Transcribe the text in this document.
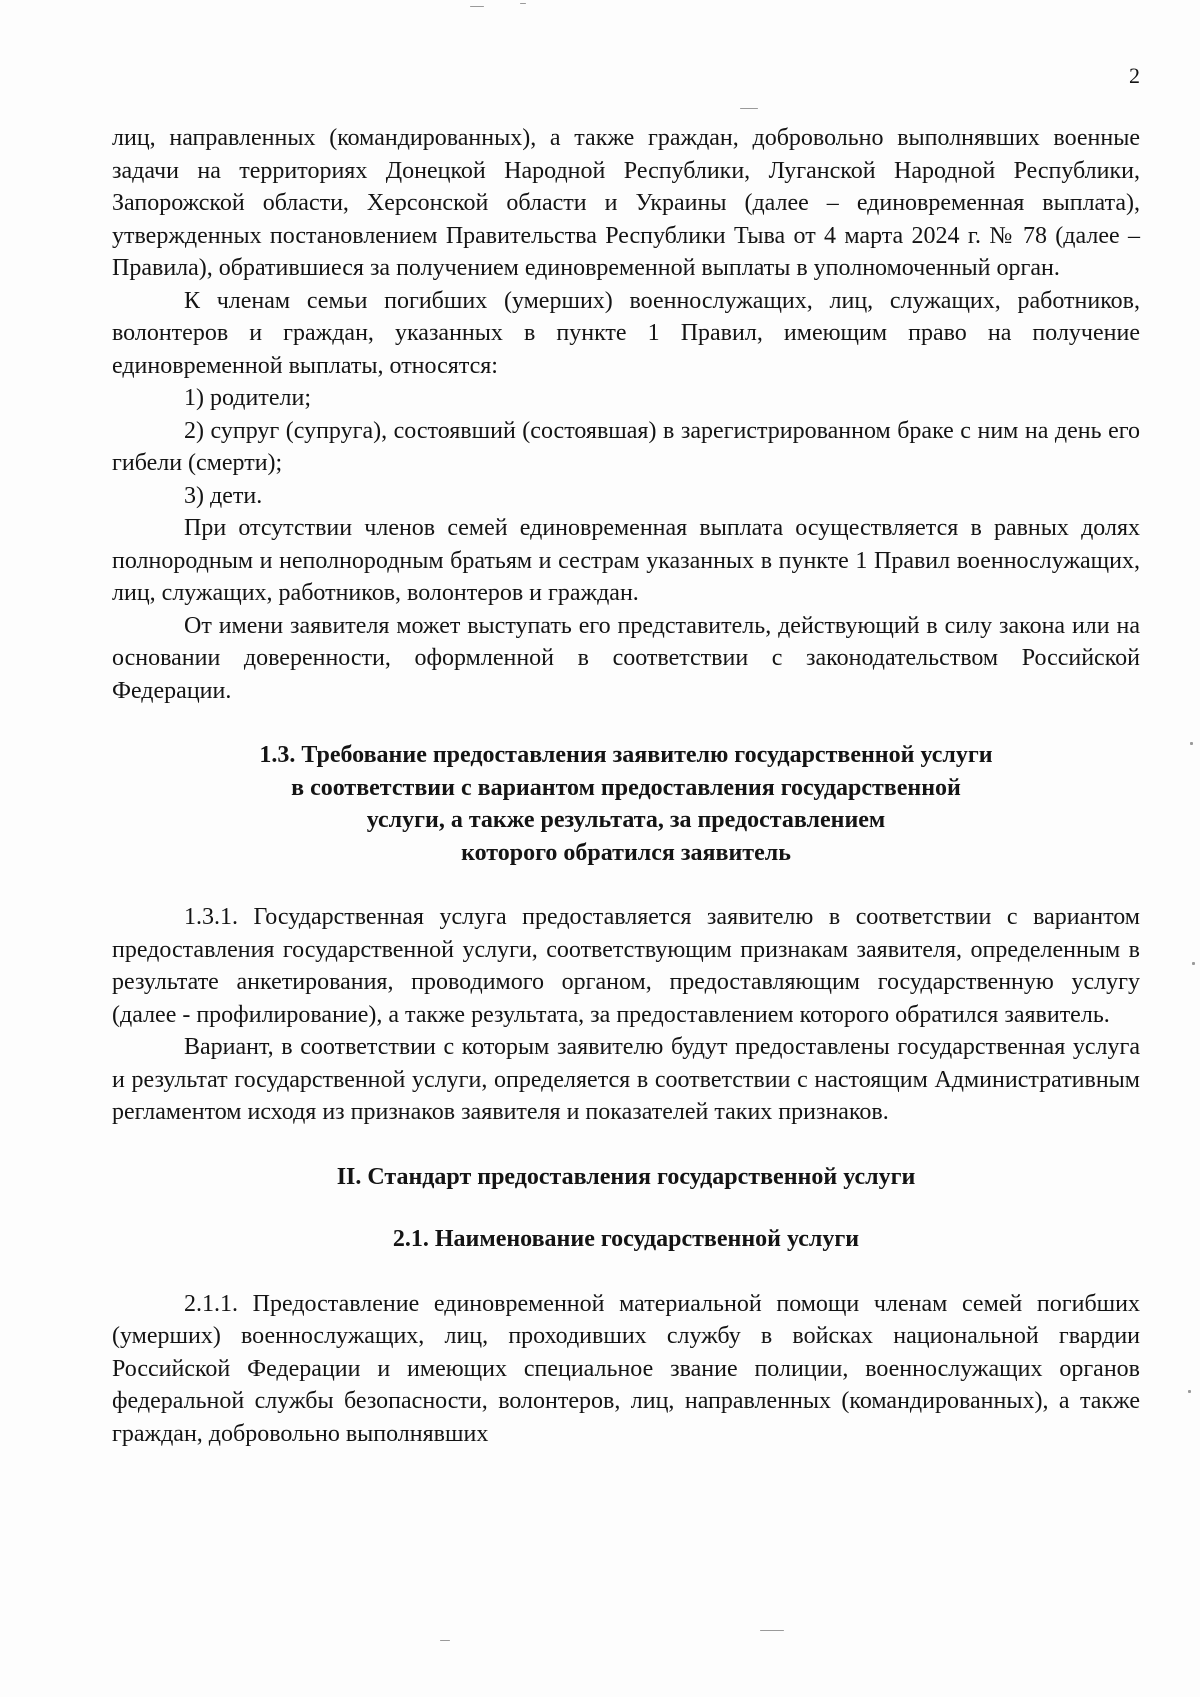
2

лиц, направленных (командированных), а также граждан, добровольно выполнявших военные задачи на территориях Донецкой Народной Республики, Луганской Народной Республики, Запорожской области, Херсонской области и Украины (далее – единовременная выплата), утвержденных постановлением Правительства Республики Тыва от 4 марта 2024 г. № 78 (далее – Правила), обратившиеся за получением единовременной выплаты в уполномоченный орган.

К членам семьи погибших (умерших) военнослужащих, лиц, служащих, работников, волонтеров и граждан, указанных в пункте 1 Правил, имеющим право на получение единовременной выплаты, относятся:

1) родители;

2) супруг (супруга), состоявший (состоявшая) в зарегистрированном браке с ним на день его гибели (смерти);

3) дети.

При отсутствии членов семей единовременная выплата осуществляется в равных долях полнородным и неполнородным братьям и сестрам указанных в пункте 1 Правил военнослужащих, лиц, служащих, работников, волонтеров и граждан.

От имени заявителя может выступать его представитель, действующий в силу закона или на основании доверенности, оформленной в соответствии с законодательством Российской Федерации.

1.3. Требование предоставления заявителю государственной услуги
в соответствии с вариантом предоставления государственной
услуги, а также результата, за предоставлением
которого обратился заявитель

1.3.1. Государственная услуга предоставляется заявителю в соответствии с вариантом предоставления государственной услуги, соответствующим признакам заявителя, определенным в результате анкетирования, проводимого органом, предоставляющим государственную услугу (далее - профилирование), а также результата, за предоставлением которого обратился заявитель.

Вариант, в соответствии с которым заявителю будут предоставлены государственная услуга и результат государственной услуги, определяется в соответствии с настоящим Административным регламентом исходя из признаков заявителя и показателей таких признаков.

II. Стандарт предоставления государственной услуги
2.1. Наименование государственной услуги

2.1.1. Предоставление единовременной материальной помощи членам семей погибших (умерших) военнослужащих, лиц, проходивших службу в войсках национальной гвардии Российской Федерации и имеющих специальное звание полиции, военнослужащих органов федеральной службы безопасности, волонтеров, лиц, направленных (командированных), а также граждан, добровольно выполнявших
